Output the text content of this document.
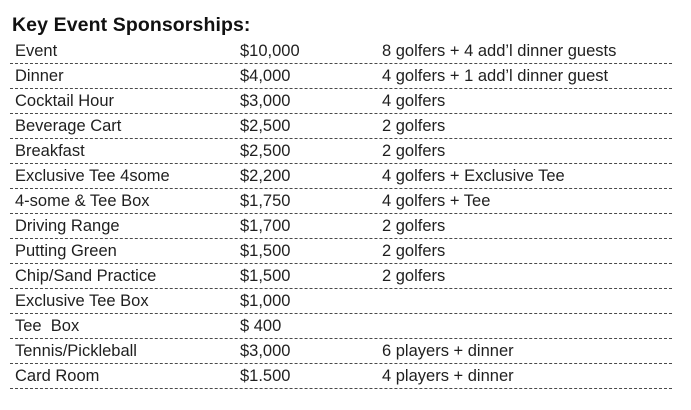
Key Event Sponsorships:
Event	$10,000	8 golfers + 4 add’l dinner guests
Dinner	$4,000	4 golfers + 1 add’l dinner guest
Cocktail Hour	$3,000	4 golfers
Beverage Cart	$2,500	2 golfers
Breakfast	$2,500	2 golfers
Exclusive Tee 4some	$2,200	4 golfers + Exclusive Tee
4-some & Tee Box	$1,750	4 golfers + Tee
Driving Range	$1,700	2 golfers
Putting Green	$1,500	2 golfers
Chip/Sand Practice	$1,500	2 golfers
Exclusive Tee Box	$1,000
Tee  Box	$ 400
Tennis/Pickleball	$3,000	6 players + dinner
Card Room	$1.500	4 players + dinner
